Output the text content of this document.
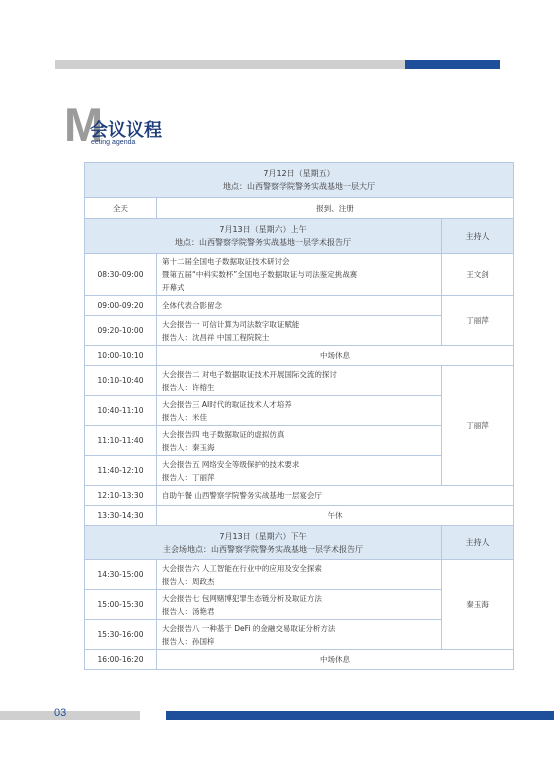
M
会议议程
eeting agenda
7月12日（星期五）
地点：山西警察学院警务实战基地一层大厅		

全天	报到、注册	

7月13日（星期六）上午
地点：山西警察学院警务实战基地一层学术报告厅		主持人
08:30-09:00	第十二届全国电子数据取证技术研讨会
暨第五届“中科实数杯”全国电子数据取证与司法鉴定挑战赛
开幕式	王文剑
09:00-09:20	全体代表合影留念	丁丽萍
09:20-10:00	大会报告一 可信计算为司法数字取证赋能
报告人：沈昌祥 中国工程院院士	

10:00-10:10	中场休息	
10:10-10:40	大会报告二 对电子数据取证技术开展国际交流的探讨
报告人：许榕生	丁丽萍
10:40-11:10	大会报告三 AI时代的取证技术人才培养
报告人：米佳	

11:10-11:40	大会报告四 电子数据取证的虚拟仿真
报告人：秦玉海	

11:40-12:10	大会报告五 网络安全等级保护的技术要求
报告人：丁丽萍	

12:10-13:30	自助午餐 山西警察学院警务实战基地一层宴会厅	

13:30-14:30	午休	

7月13日（星期六）下午
主会场地点：山西警察学院警务实战基地一层学术报告厅		主持人
14:30-15:00	大会报告六 人工智能在行业中的应用及安全探索
报告人：周政杰	秦玉海
15:00-15:30	大会报告七 包网赌博犯罪生态链分析及取证方法
报告人：汤艳君	

15:30-16:00	大会报告八 一种基于 DeFi 的金融交易取证分析方法
报告人：孙国梓	

16:00-16:20	中场休息	
03
